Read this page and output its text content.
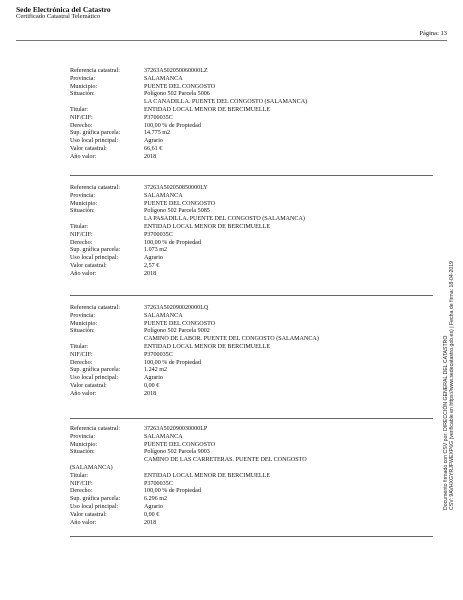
Sede Electrónica del Catastro
Certificado Catastral Telemático
Página: 13
Referencia catastral:	37263A502050060000LZ
Provincia:	SALAMANCA
Municipio:	PUENTE DEL CONGOSTO
Situación:	Polígono 502 Parcela 5006
LA CANADILLA. PUENTE DEL CONGOSTO (SALAMANCA)
Titular:	ENTIDAD LOCAL MENOR DE BERCIMUELLE
NIF/CIF:	P3700035C
Derecho:	100,00 % de Propiedad
Sup. gráfica parcela:	14.775 m2
Uso local principal:	Agrario
Valor catastral:	66,61 €
Año valor:	2018
Referencia catastral:	37263A502050850000LY
Provincia:	SALAMANCA
Municipio:	PUENTE DEL CONGOSTO
Situación:	Polígono 502 Parcela 5085
LA PASADILLA. PUENTE DEL CONGOSTO (SALAMANCA)
Titular:	ENTIDAD LOCAL MENOR DE BERCIMUELLE
NIF/CIF:	P3700035C
Derecho:	100,00 % de Propiedad
Sup. gráfica parcela:	1.073 m2
Uso local principal:	Agrario
Valor catastral:	2,57 €
Año valor:	2018
Referencia catastral:	37263A502090020000LQ
Provincia:	SALAMANCA
Municipio:	PUENTE DEL CONGOSTO
Situación:	Polígono 502 Parcela 9002
CAMINO DE LABOR. PUENTE DEL CONGOSTO (SALAMANCA)
Titular:	ENTIDAD LOCAL MENOR DE BERCIMUELLE
NIF/CIF:	P3700035C
Derecho:	100,00 % de Propiedad
Sup. gráfica parcela:	1.242 m2
Uso local principal:	Agrario
Valor catastral:	0,00 €
Año valor:	2018
Referencia catastral:	37263A502090030000LP
Provincia:	SALAMANCA
Municipio:	PUENTE DEL CONGOSTO
Situación:	Polígono 502 Parcela 9003
CAMINO DE LAS CARRETERAS. PUENTE DEL CONGOSTO
(SALAMANCA)
Titular:	ENTIDAD LOCAL MENOR DE BERCIMUELLE
NIF/CIF:	P3700035C
Derecho:	100,00 % de Propiedad
Sup. gráfica parcela:	6.296 m2
Uso local principal:	Agrario
Valor catastral:	0,00 €
Año valor:	2018
Documento firmado con CSV por: DIRECCIÓN GENERAL DEL CATASTRO CSV: 9AVHXGYRJFWEXP6G (verificable en https://www.sedecatastro.gob.es) | Fecha de firma: 18-04-2019
